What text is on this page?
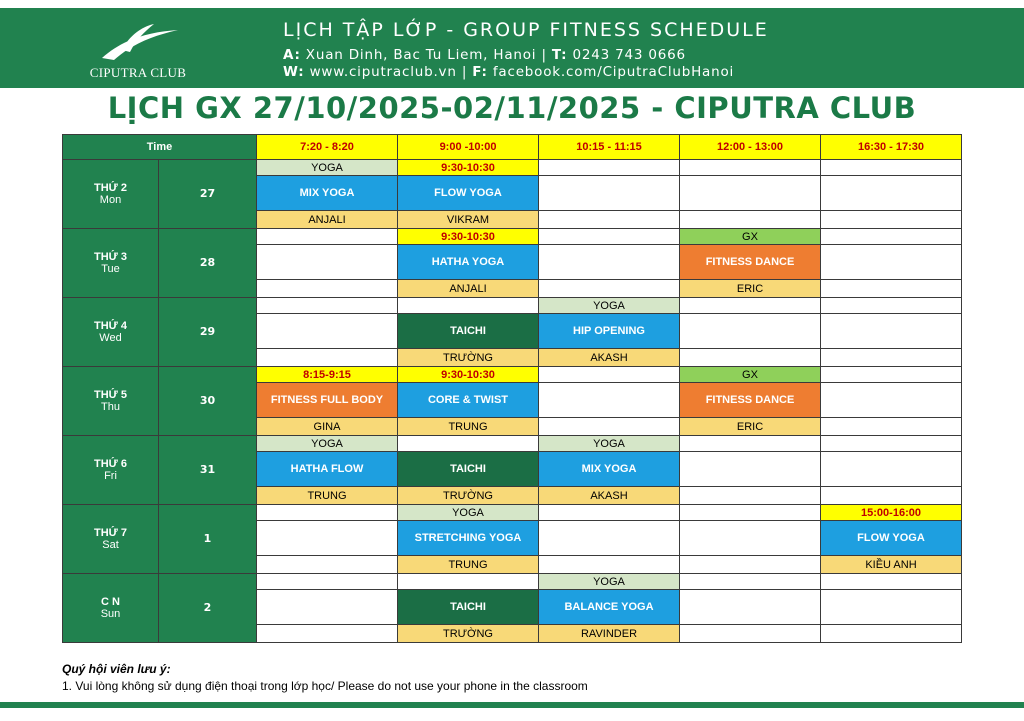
CIPUTRA CLUB
LỊCH TẬP LỚP - GROUP FITNESS SCHEDULE
A: Xuan Dinh, Bac Tu Liem, Hanoi | T: 0243 743 0666
W: www.ciputraclub.vn | F: facebook.com/CiputraClubHanoi
LỊCH GX 27/10/2025-02/11/2025 - CIPUTRA CLUB
Time		7:20 - 8:20	9:00 -10:00	10:15 - 11:15	12:00 - 13:00	16:30 - 17:30
THỨ 2
Mon	27	YOGA	9:30-10:30			
		MIX YOGA	FLOW YOGA			
		ANJALI	VIKRAM			
THỨ 3
Tue	28		9:30-10:30		GX	
			HATHA YOGA		FITNESS DANCE	
			ANJALI		ERIC	
THỨ 4
Wed	29			YOGA		
			TAICHI	HIP OPENING		
			TRƯỜNG	AKASH		
THỨ 5
Thu	30	8:15-9:15	9:30-10:30		GX	
		FITNESS FULL BODY	CORE & TWIST		FITNESS DANCE	
		GINA	TRUNG		ERIC	
THỨ 6
Fri	31	YOGA		YOGA		
		HATHA FLOW	TAICHI	MIX YOGA		
		TRUNG	TRƯỜNG	AKASH		
THỨ 7
Sat	1		YOGA			15:00-16:00
			STRETCHING YOGA			FLOW YOGA
			TRUNG			KIỀU ANH
C N
Sun	2			YOGA		
			TAICHI	BALANCE YOGA		
			TRƯỜNG	RAVINDER		
Quý hội viên lưu ý:
1. Vui lòng không sử dụng điện thoại trong lớp học/ Please do not use your phone in the classroom
